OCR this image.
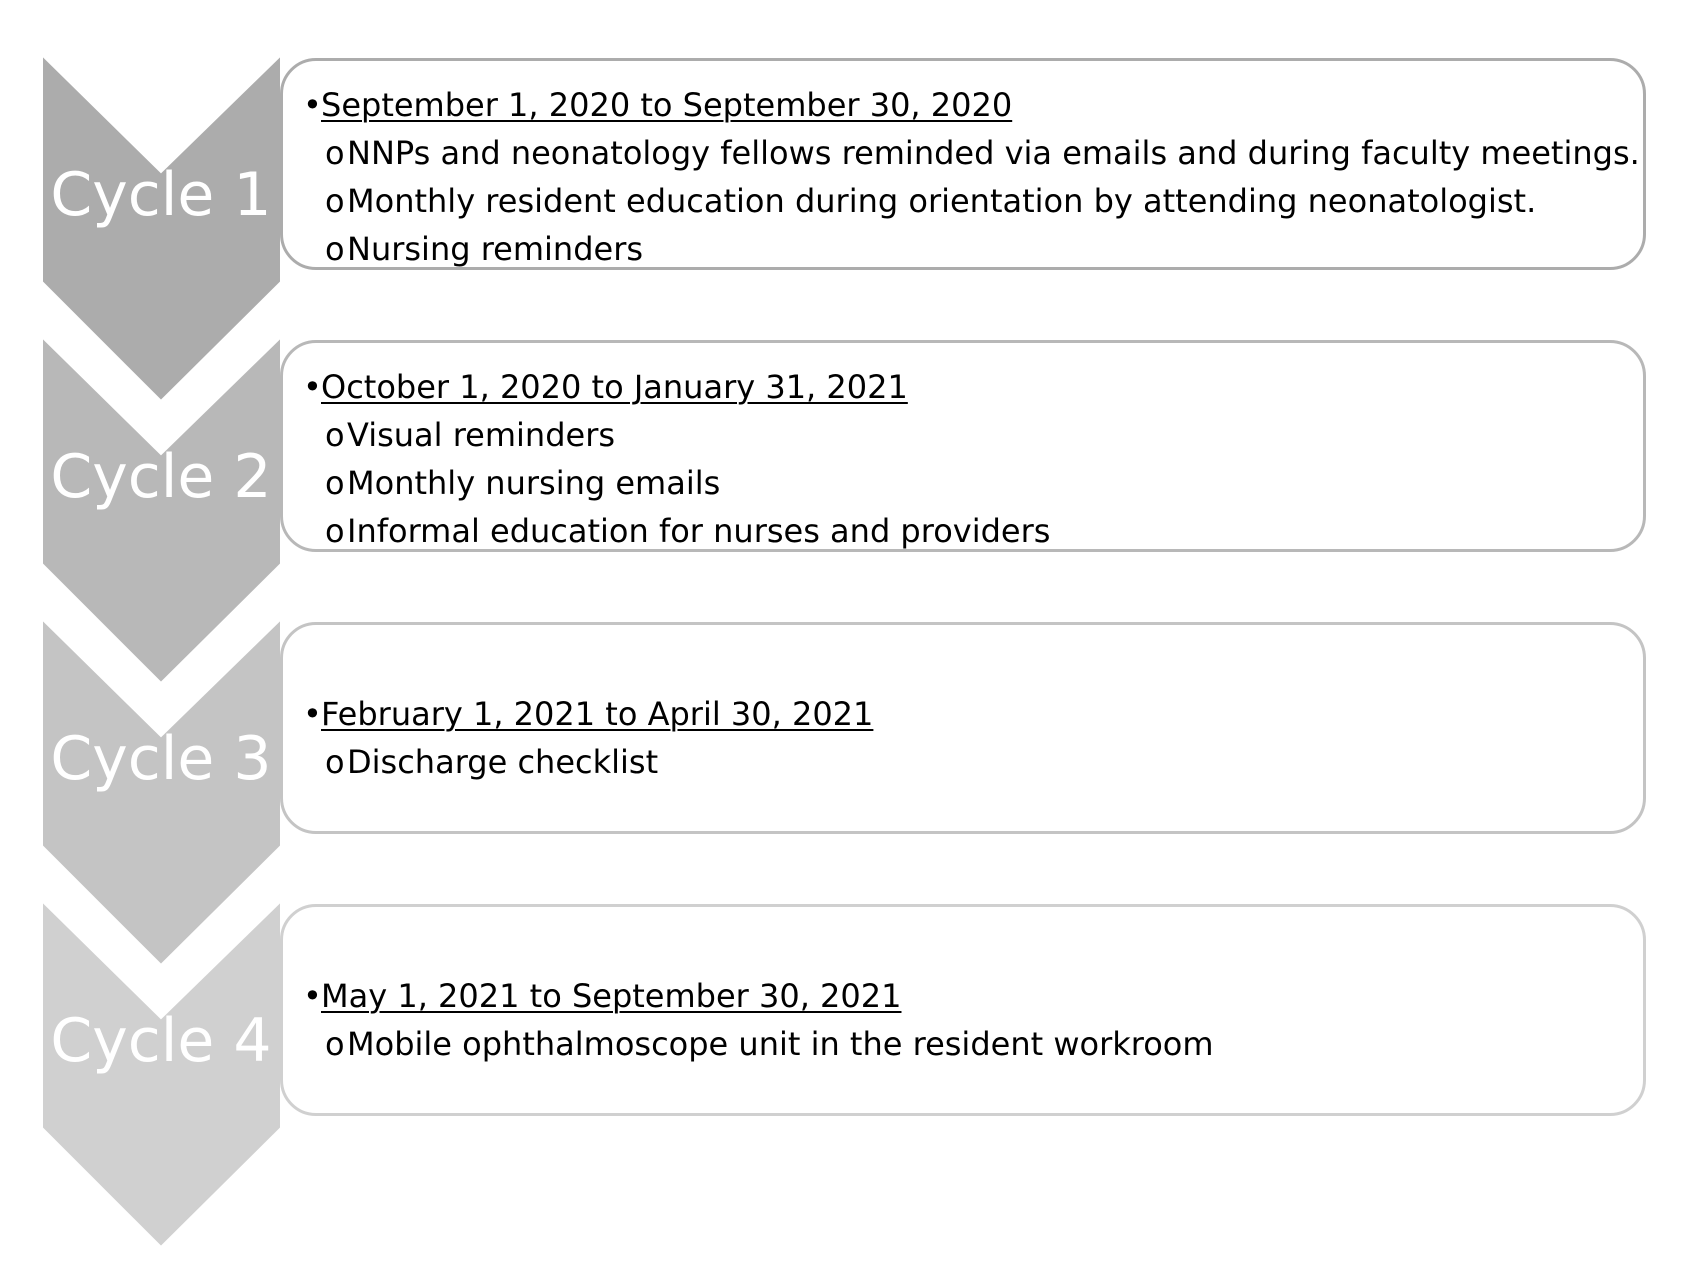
Cycle 1
Cycle 2
Cycle 3
Cycle 4
•September 1, 2020 to September 30, 2020
oNNPs and neonatology fellows reminded via emails and during faculty meetings.
oMonthly resident education during orientation by attending neonatologist.
oNursing reminders
•October 1, 2020 to January 31, 2021
oVisual reminders
oMonthly nursing emails
oInformal education for nurses and providers
•February 1, 2021 to April 30, 2021
oDischarge checklist
•May 1, 2021 to September 30, 2021
oMobile ophthalmoscope unit in the resident workroom
